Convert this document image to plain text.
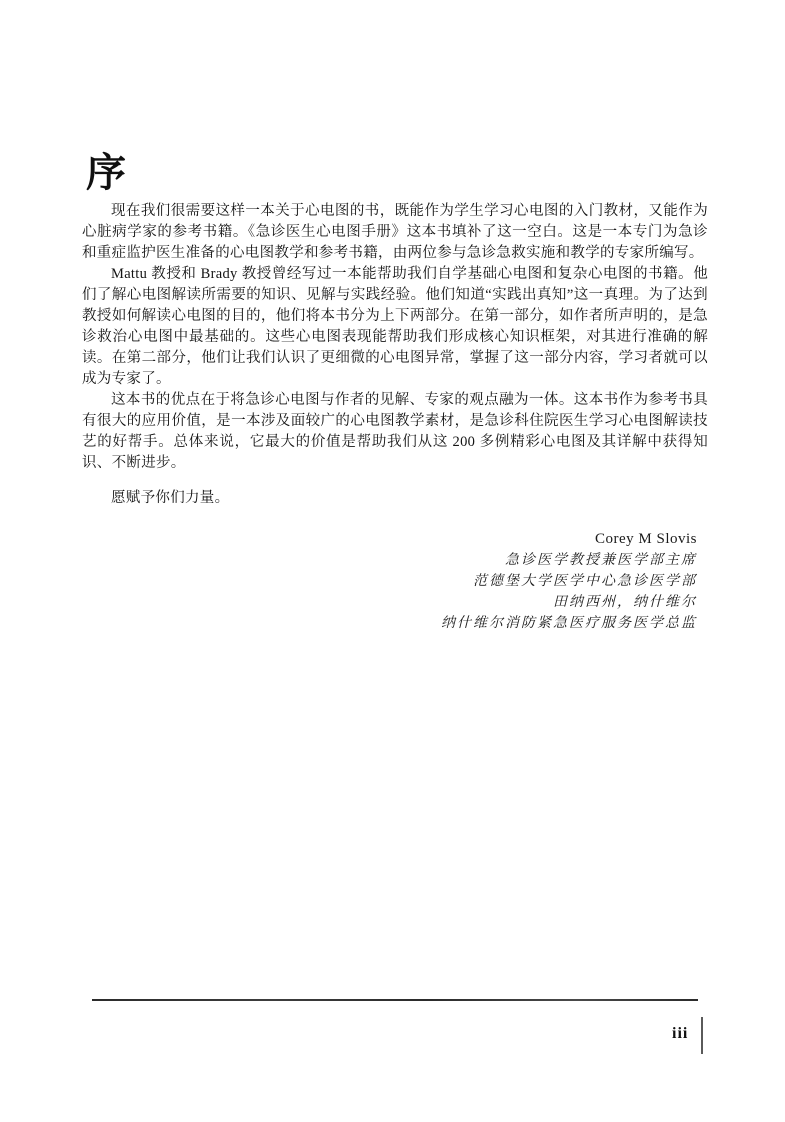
序

现在我们很需要这样一本关于心电图的书，既能作为学生学习心电图的入门教材，又能作为心脏病学家的参考书籍。《急诊医生心电图手册》这本书填补了这一空白。这是一本专门为急诊和重症监护医生准备的心电图教学和参考书籍，由两位参与急诊急救实施和教学的专家所编写。

Mattu 教授和 Brady 教授曾经写过一本能帮助我们自学基础心电图和复杂心电图的书籍。他们了解心电图解读所需要的知识、见解与实践经验。他们知道“实践出真知”这一真理。为了达到教授如何解读心电图的目的，他们将本书分为上下两部分。在第一部分，如作者所声明的，是急诊救治心电图中最基础的。这些心电图表现能帮助我们形成核心知识框架，对其进行准确的解读。在第二部分，他们让我们认识了更细微的心电图异常，掌握了这一部分内容，学习者就可以成为专家了。

这本书的优点在于将急诊心电图与作者的见解、专家的观点融为一体。这本书作为参考书具有很大的应用价值，是一本涉及面较广的心电图教学素材，是急诊科住院医生学习心电图解读技艺的好帮手。总体来说，它最大的价值是帮助我们从这 200 多例精彩心电图及其详解中获得知识、不断进步。

愿赋予你们力量。

Corey M Slovis
急诊医学教授兼医学部主席
范德堡大学医学中心急诊医学部
田纳西州，纳什维尔
纳什维尔消防紧急医疗服务医学总监
iii
